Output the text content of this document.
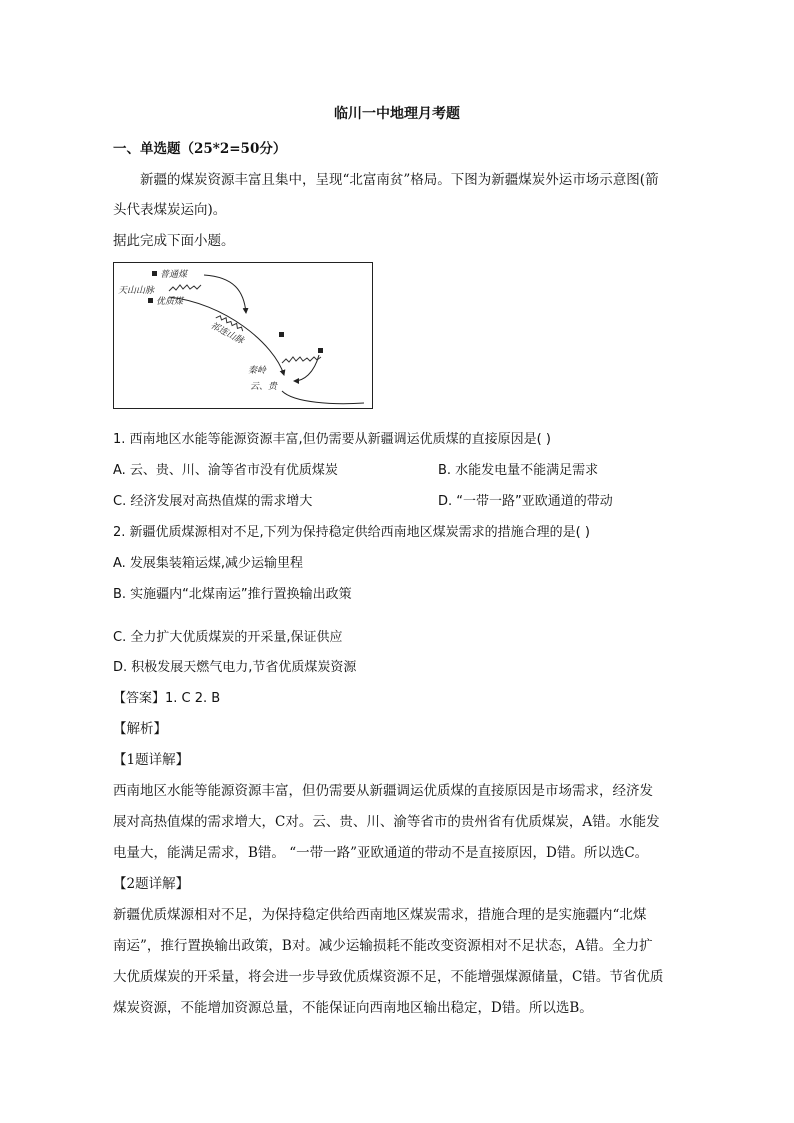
临川一中地理月考题
一、单选题（25*2=50分）
新疆的煤炭资源丰富且集中，呈现“北富南贫”格局。下图为新疆煤炭外运市场示意图(箭
头代表煤炭运向)。
据此完成下面小题。
普通煤
天山山脉
优质煤
祁连山脉
秦岭
云、贵
1. 西南地区水能等能源资源丰富,但仍需要从新疆调运优质煤的直接原因是( )
A. 云、贵、川、渝等省市没有优质煤炭	B. 水能发电量不能满足需求
C. 经济发展对高热值煤的需求增大	D. “一带一路”亚欧通道的带动
2. 新疆优质煤源相对不足,下列为保持稳定供给西南地区煤炭需求的措施合理的是( )
A. 发展集装箱运煤,减少运输里程
B. 实施疆内“北煤南运”推行置换输出政策
C. 全力扩大优质煤炭的开采量,保证供应
D. 积极发展天燃气电力,节省优质煤炭资源
【答案】1. C 2. B
【解析】
【1题详解】
西南地区水能等能源资源丰富，但仍需要从新疆调运优质煤的直接原因是市场需求，经济发
展对高热值煤的需求增大，C对。云、贵、川、渝等省市的贵州省有优质煤炭，A错。水能发
电量大，能满足需求，B错。 “一带一路”亚欧通道的带动不是直接原因，D错。所以选C。
【2题详解】
新疆优质煤源相对不足，为保持稳定供给西南地区煤炭需求，措施合理的是实施疆内“北煤
南运”，推行置换输出政策，B对。减少运输损耗不能改变资源相对不足状态，A错。全力扩
大优质煤炭的开采量，将会进一步导致优质煤资源不足，不能增强煤源储量，C错。节省优质
煤炭资源，不能增加资源总量，不能保证向西南地区输出稳定，D错。所以选B。
